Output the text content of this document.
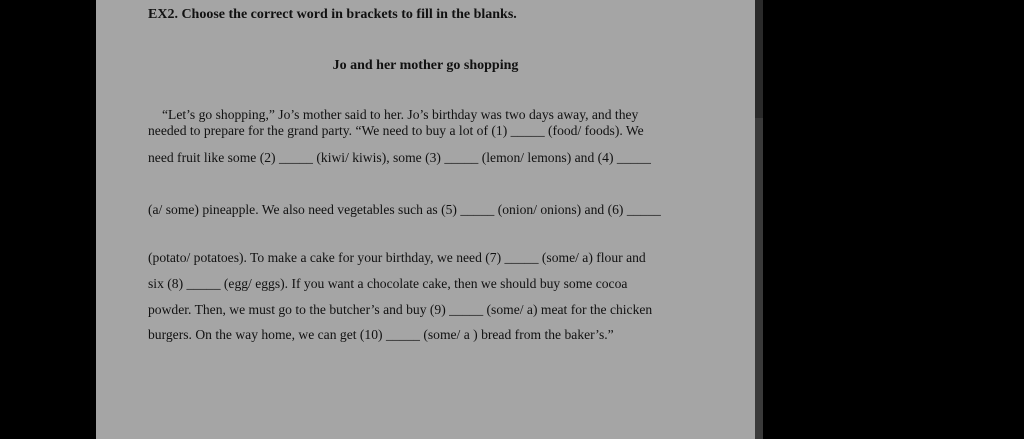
EX2. Choose the correct word in brackets to fill in the blanks.
Jo and her mother go shopping
“Let’s go shopping,” Jo’s mother said to her. Jo’s birthday was two days away, and they
needed to prepare for the grand party. “We need to buy a lot of (1) _____ (food/ foods). We
need fruit like some (2) _____ (kiwi/ kiwis), some (3) _____ (lemon/ lemons) and (4) _____
(a/ some) pineapple. We also need vegetables such as (5) _____ (onion/ onions) and (6) _____
(potato/ potatoes). To make a cake for your birthday, we need (7) _____ (some/ a) flour and
six (8) _____ (egg/ eggs). If you want a chocolate cake, then we should buy some cocoa
powder. Then, we must go to the butcher’s and buy (9) _____ (some/ a) meat for the chicken
burgers. On the way home, we can get (10) _____ (some/ a ) bread from the baker’s.”
